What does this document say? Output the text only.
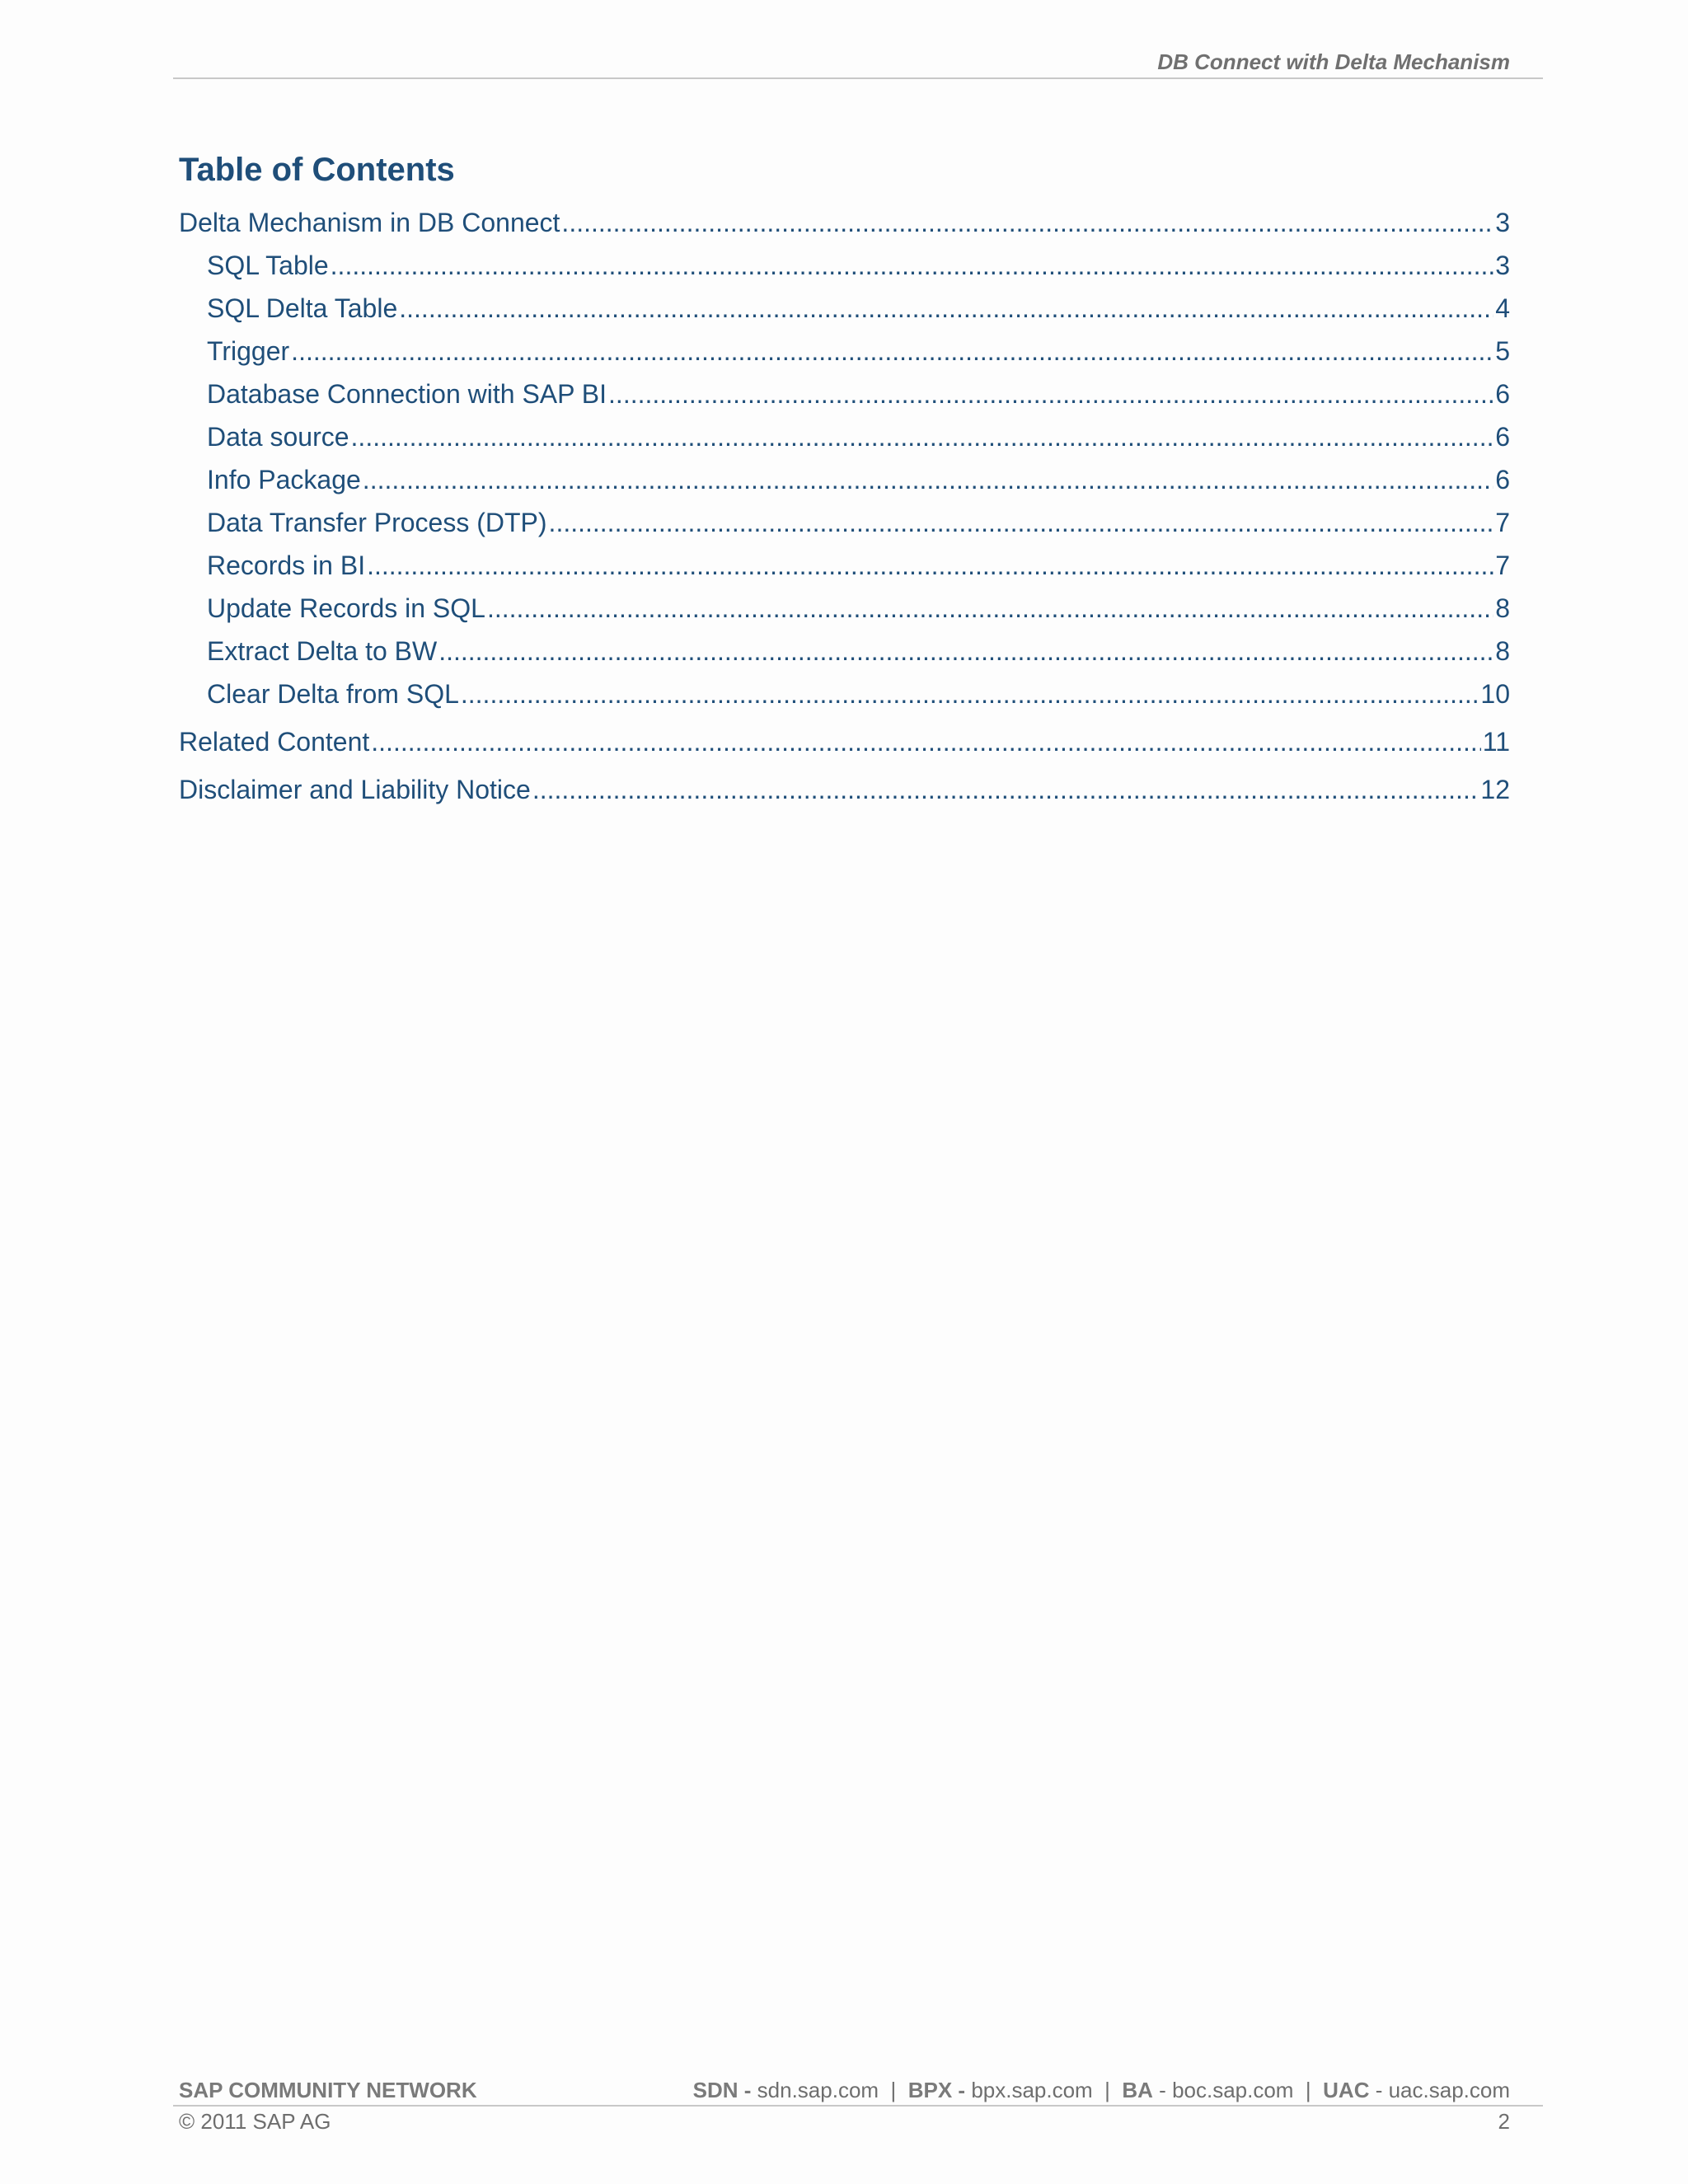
DB Connect with Delta Mechanism
Table of Contents
Delta Mechanism in DB Connect .....	3
SQL Table .....	3
SQL Delta Table .....	4
Trigger .....	5
Database Connection with SAP BI .....	6
Data source .....	6
Info Package .....	6
Data Transfer Process (DTP) .....	7
Records in BI .....	7
Update Records in SQL .....	8
Extract Delta to BW .....	8
Clear Delta from SQL .....	10
Related Content .....	11
Disclaimer and Liability Notice .....	12
SAP COMMUNITY NETWORK	SDN - sdn.sap.com | BPX - bpx.sap.com | BA - boc.sap.com | UAC - uac.sap.com
© 2011 SAP AG	2
